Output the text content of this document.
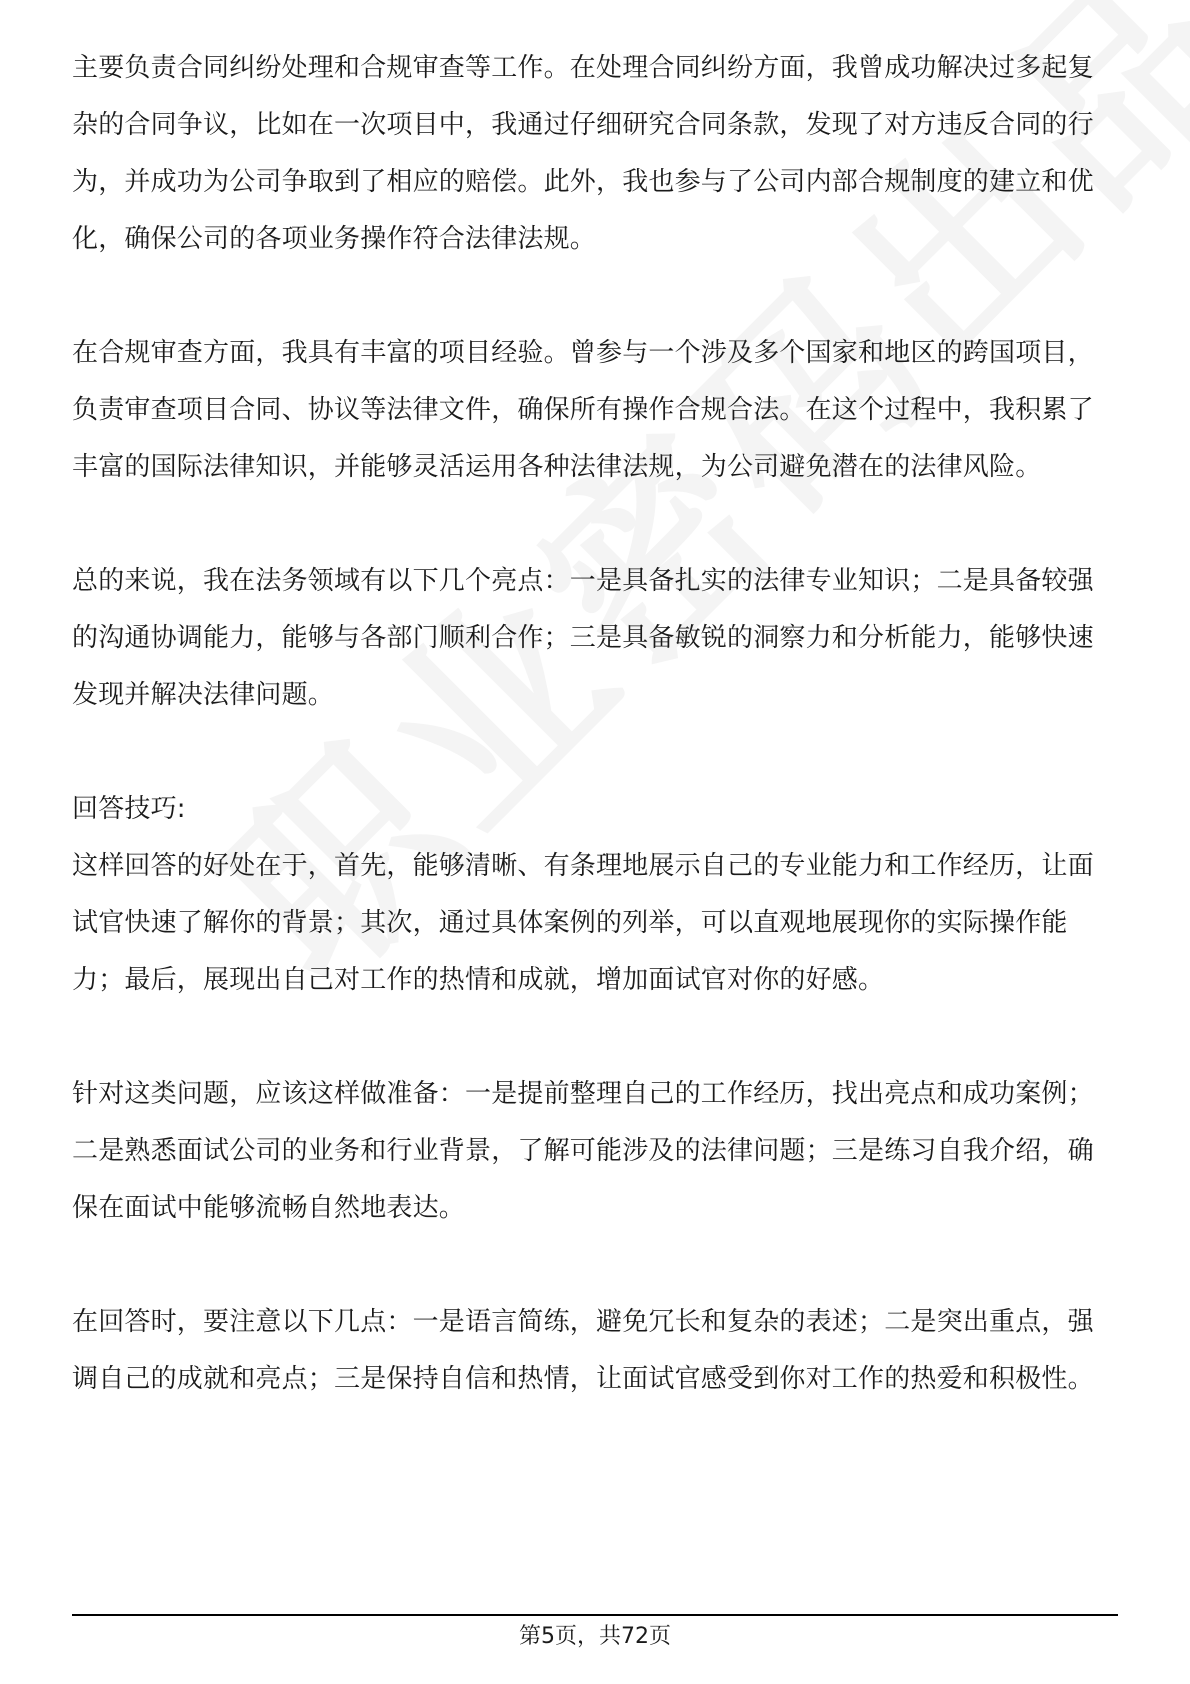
主要负责合同纠纷处理和合规审查等工作。在处理合同纠纷方面，我曾成功解决过多起复杂的合同争议，比如在一次项目中，我通过仔细研究合同条款，发现了对方违反合同的行为，并成功为公司争取到了相应的赔偿。此外，我也参与了公司内部合规制度的建立和优化，确保公司的各项业务操作符合法律法规。

在合规审查方面，我具有丰富的项目经验。曾参与一个涉及多个国家和地区的跨国项目，负责审查项目合同、协议等法律文件，确保所有操作合规合法。在这个过程中，我积累了丰富的国际法律知识，并能够灵活运用各种法律法规，为公司避免潜在的法律风险。

总的来说，我在法务领域有以下几个亮点：一是具备扎实的法律专业知识；二是具备较强的沟通协调能力，能够与各部门顺利合作；三是具备敏锐的洞察力和分析能力，能够快速发现并解决法律问题。

回答技巧:

这样回答的好处在于，首先，能够清晰、有条理地展示自己的专业能力和工作经历，让面试官快速了解你的背景；其次，通过具体案例的列举，可以直观地展现你的实际操作能力；最后，展现出自己对工作的热情和成就，增加面试官对你的好感。

针对这类问题，应该这样做准备：一是提前整理自己的工作经历，找出亮点和成功案例；二是熟悉面试公司的业务和行业背景，了解可能涉及的法律问题；三是练习自我介绍，确保在面试中能够流畅自然地表达。

在回答时，要注意以下几点：一是语言简练，避免冗长和复杂的表述；二是突出重点，强调自己的成就和亮点；三是保持自信和热情，让面试官感受到你对工作的热爱和积极性。

第5页，共72页
